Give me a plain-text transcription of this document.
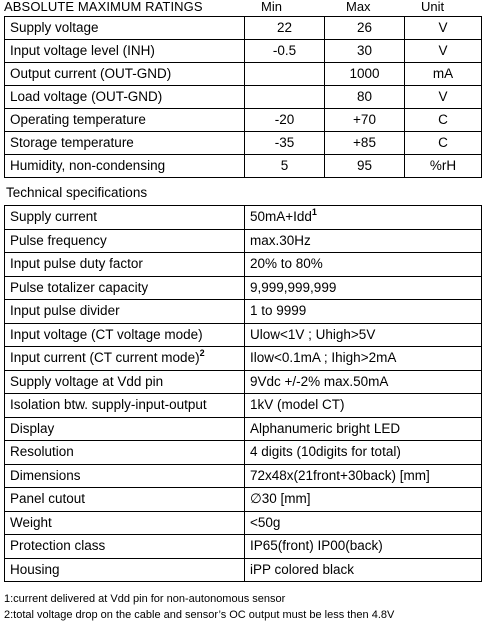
ABSOLUTE MAXIMUM RATINGS	Min	Max	Unit
Supply voltage	22	26	V
Input voltage level (INH)	-0.5	30	V
Output current (OUT-GND)		1000	mA
Load voltage (OUT-GND)		80	V
Operating temperature	-20	+70	C
Storage temperature	-35	+85	C
Humidity, non-condensing	5	95	%rH
Technical specifications
Supply current	50mA+Idd$^1$
Pulse frequency	max.30Hz
Input pulse duty factor	20% to 80%
Pulse totalizer capacity	9,999,999,999
Input pulse divider	1 to 9999
Input voltage (CT voltage mode)	Ulow<1V ; Uhigh>5V
Input current (CT current mode)$^2$	Ilow<0.1mA ; Ihigh>2mA
Supply voltage at Vdd pin	9Vdc +/-2% max.50mA
Isolation btw. supply-input-output	1kV (model CT)
Display	Alphanumeric bright LED
Resolution	4 digits (10digits for total)
Dimensions	72x48x(21front+30back) [mm]
Panel cutout	∅30 [mm]
Weight	<50g
Protection class	IP65(front) IP00(back)
Housing	iPP colored black
1:current delivered at Vdd pin for non-autonomous sensor
2:total voltage drop on the cable and sensor’s OC output must be less then 4.8V
